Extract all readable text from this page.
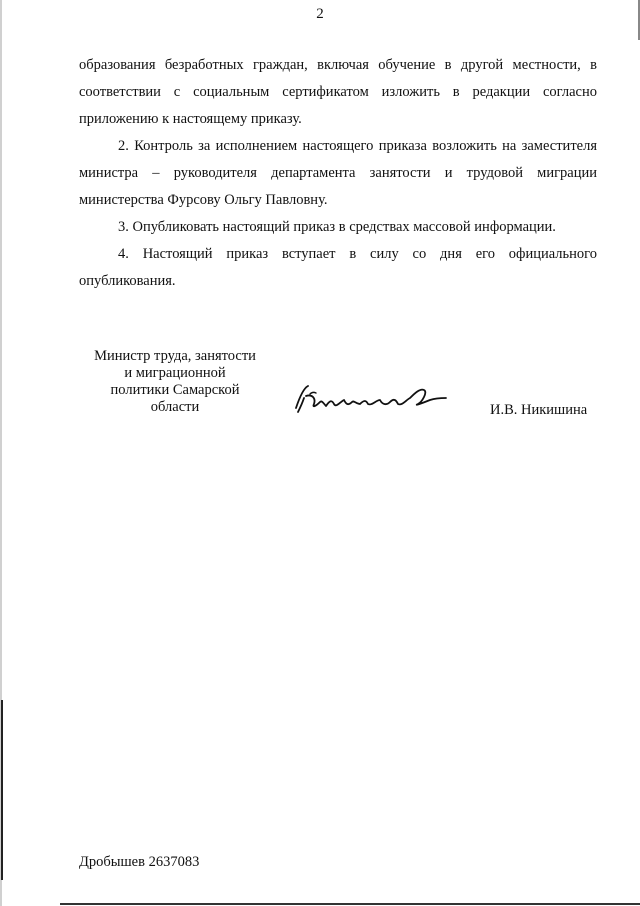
2

образования безработных граждан, включая обучение в другой местности, в соответствии с социальным сертификатом изложить в редакции согласно приложению к настоящему приказу.

2. Контроль за исполнением настоящего приказа возложить на заместителя министра – руководителя департамента занятости и трудовой миграции министерства Фурсову Ольгу Павловну.

3. Опубликовать настоящий приказ в средствах массовой информации.

4. Настоящий приказ вступает в силу со дня его официального опубликования.

Министр труда, занятости
и миграционной
политики Самарской
области	И.В. Никишина
Дробышев 2637083
